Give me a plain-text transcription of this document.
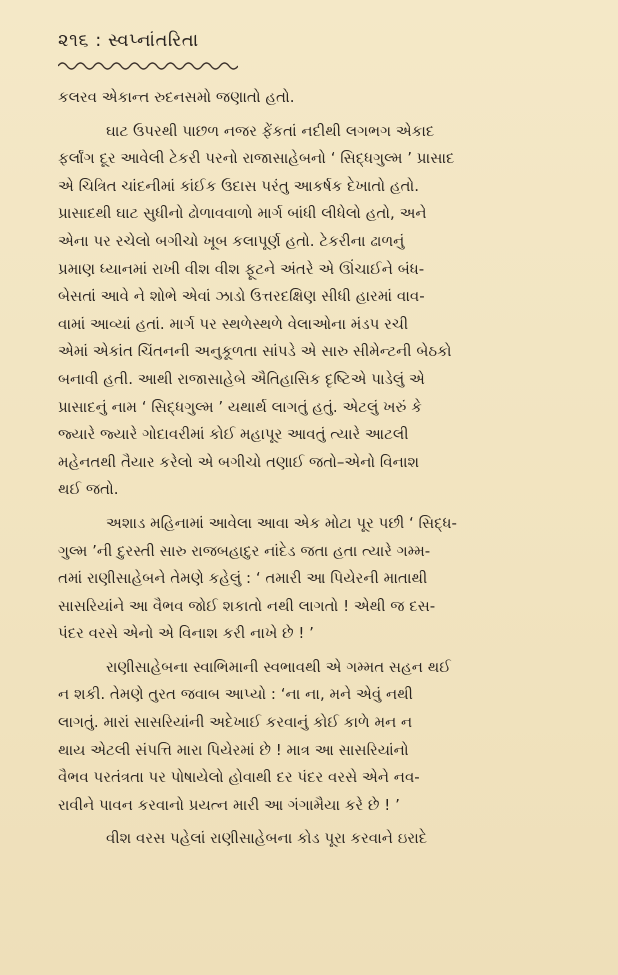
૨૧૬ : સ્વપ્નાંતરિતા
કલરવ એકાન્ત રુદનસમો જણાતો હતો.
ઘાટ ઉપરથી પાછળ નજર ફેંકતાં નદીથી લગભગ એકાદ
ફર્લાંગ દૂર આવેલી ટેકરી પરનો રાજાસાહેબનો ‘ સિદ્ધગુલ્મ ’ પ્રાસાદ
એ ચિત્રિત ચાંદનીમાં કાંઈક ઉદાસ પરંતુ આકર્ષક દેખાતો હતો.
પ્રાસાદથી ઘાટ સુધીનો ઢોળાવવાળો માર્ગ બાંધી લીધેલો હતો, અને
એના પર રચેલો બગીચો ખૂબ કલાપૂર્ણ હતો. ટેકરીના ઢાળનું
પ્રમાણ ધ્યાનમાં રાખી વીશ વીશ ફૂટને અંતરે એ ઊંચાઈને બંધ-
બેસતાં આવે ને શોભે એવાં ઝાડો ઉત્તરદક્ષિણ સીધી હારમાં વાવ-
વામાં આવ્યાં હતાં. માર્ગ પર સ્થળેસ્થળે વેલાઓના મંડપ રચી
એમાં એકાંત ચિંતનની અનુકૂળતા સાંપડે એ સારુ સીમેન્ટની બેઠકો
બનાવી હતી. આથી રાજાસાહેબે ઐતિહાસિક દૃષ્ટિએ પાડેલું એ
પ્રાસાદનું નામ ‘ સિદ્ધગુલ્મ ’ યથાર્થ લાગતું હતું. એટલું ખરું કે
જ્યારે જ્યારે ગોદાવરીમાં કોઈ મહાપૂર આવતું ત્યારે આટલી
મહેનતથી તૈયાર કરેલો એ બગીચો તણાઈ જતો–એનો વિનાશ
થઈ જતો.
અશાડ મહિનામાં આવેલા આવા એક મોટા પૂર પછી ‘ સિદ્ધ-
ગુલ્મ ’ની દુરસ્તી સારુ રાજબહાદુર નાંદેડ જતા હતા ત્યારે ગમ્મ-
તમાં રાણીસાહેબને તેમણે કહેલું : ‘ તમારી આ પિયેરની માતાથી
સાસરિયાંને આ વૈભવ જોઈ શકાતો નથી લાગતો ! એથી જ દસ-
પંદર વરસે એનો એ વિનાશ કરી નાખે છે ! ’
રાણીસાહેબના સ્વાભિમાની સ્વભાવથી એ ગમ્મત સહન થઈ
ન શકી. તેમણે તુરત જવાબ આપ્યો : ‘ના ના, મને એવું નથી
લાગતું. મારાં સાસરિયાંની અદેખાઈ કરવાનું કોઈ કાળે મન ન
થાય એટલી સંપત્તિ મારા પિયેરમાં છે ! માત્ર આ સાસરિયાંનો
વૈભવ પરતંત્રતા પર પોષાયેલો હોવાથી દર પંદર વરસે એને નવ-
રાવીને પાવન કરવાનો પ્રયત્ન મારી આ ગંગામૈયા કરે છે ! ’
વીશ વરસ પહેલાં રાણીસાહેબના કોડ પૂરા કરવાને ઇરાદે
